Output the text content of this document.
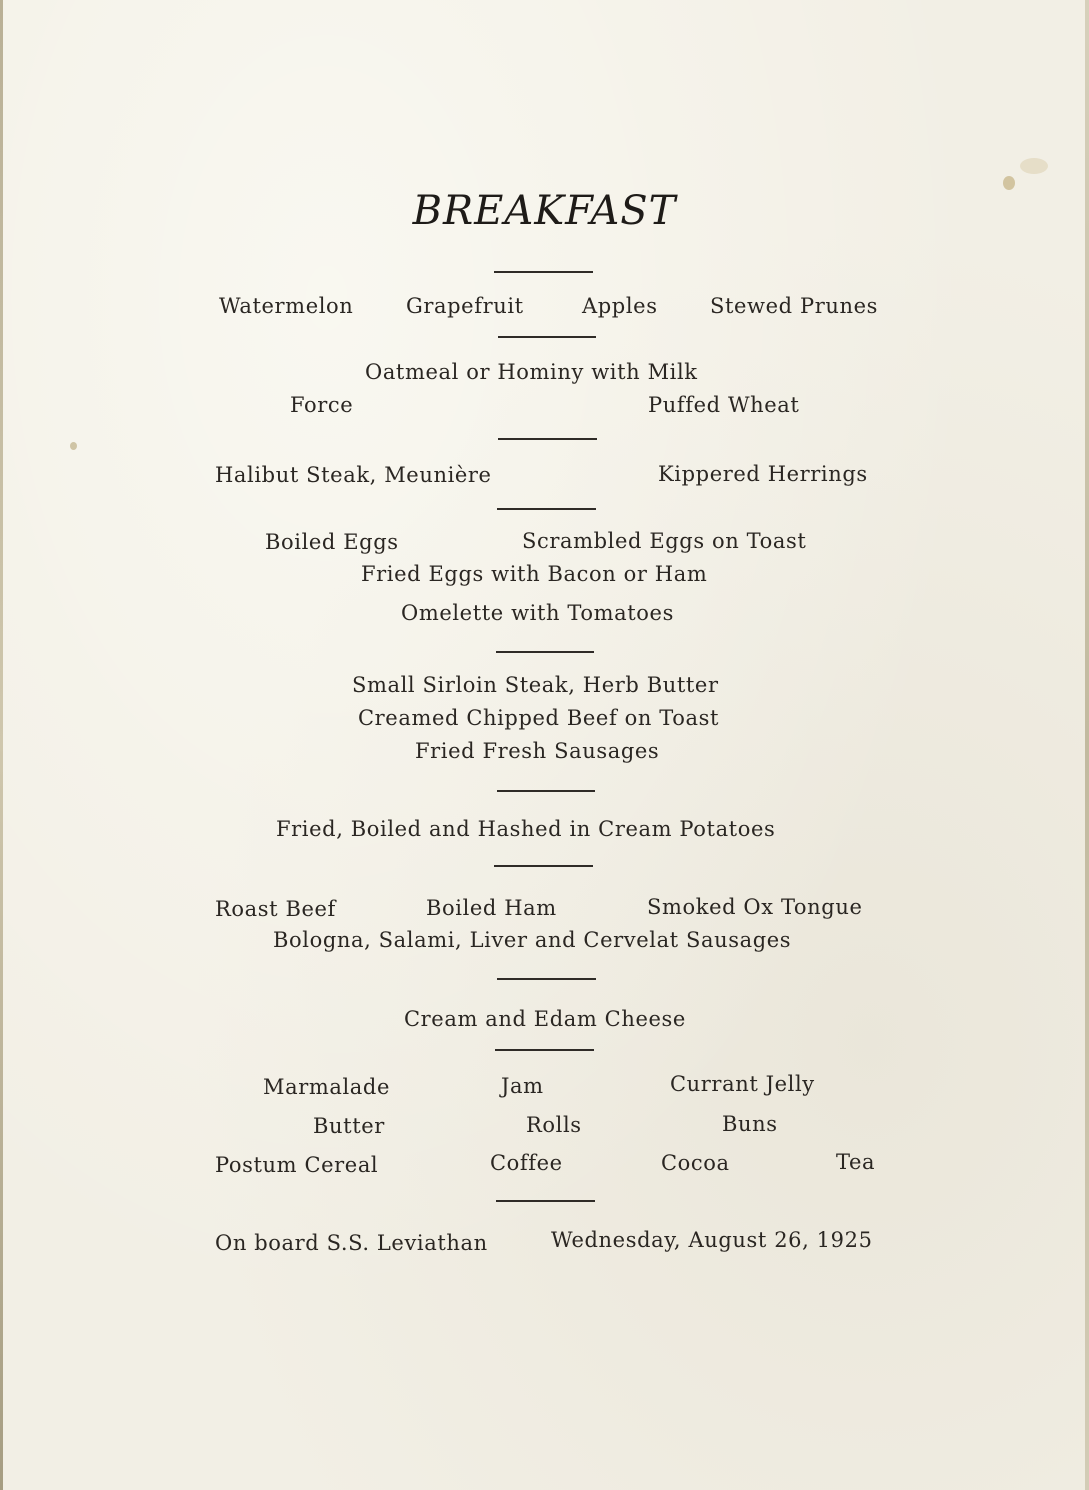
BREAKFAST
Watermelon	Grapefruit	Apples Stewed Prunes
Oatmeal or Hominy with Milk
Force	Puffed Wheat
Halibut Steak, Meunière	Kippered Herrings
Boiled Eggs	Scrambled Eggs on Toast
Fried Eggs with Bacon or Ham
Omelette with Tomatoes
Small Sirloin Steak, Herb Butter
Creamed Chipped Beef on Toast
Fried Fresh Sausages
Fried, Boiled and Hashed in Cream Potatoes
Roast Beef	Boiled Ham	Smoked Ox Tongue
Bologna, Salami, Liver and Cervelat Sausages
Cream and Edam Cheese
Marmalade	Jam	Currant Jelly
Butter	Rolls	Buns
Postum Cereal	Coffee	Cocoa	Tea
On board S.S. Leviathan	Wednesday, August 26, 1925
